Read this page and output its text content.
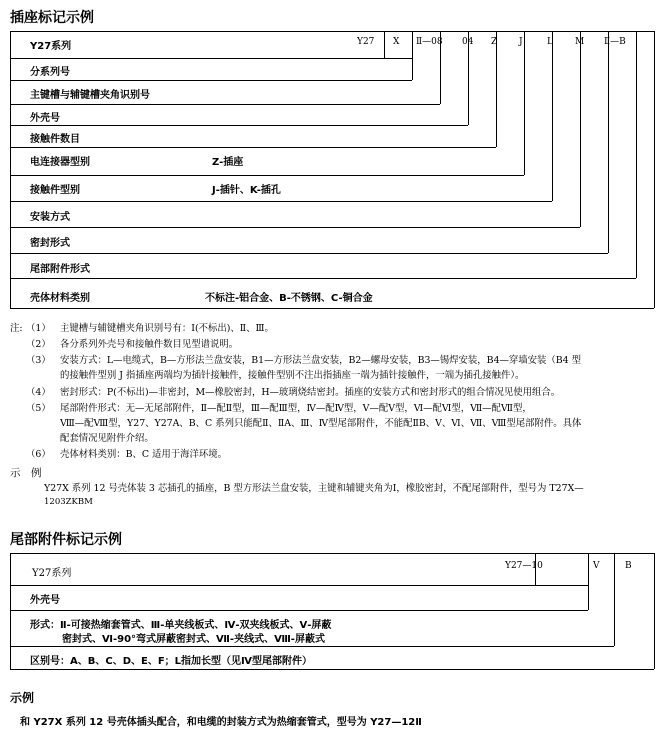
插座标记示例
Y27 X Ⅱ—08 04 Z J	L M Ⅱ—B
Y27系列
分系列号
主键槽与辅键槽夹角识别号
外壳号
接触件数目
电连接器型别	Z-插座
接触件型别	J-插针、K-插孔
安装方式
密封形式
尾部附件形式
壳体材料类别	不标注-铝合金、B-不锈钢、C-铜合金
注: （1） 主键槽与辅键槽夹角识别号有：Ⅰ(不标出)、Ⅱ、Ⅲ。
（2） 各分系列外壳号和接触件数目见型谱说明。
（3） 安装方式：L—电缆式，B—方形法兰盘安装，B1—方形法兰盘安装，B2—螺母安装，B3—锡焊安装，B4—穿墙安装（B4 型
的接触件型别 J 指插座两端均为插针接触件，接触件型别不注出指插座一端为插针接触件，一端为插孔接触件）。
（4） 密封形式：P(不标出)—非密封，M—橡胶密封，H—玻璃烧结密封。插座的安装方式和密封形式的组合情况见使用组合。
（5） 尾部附件形式：无—无尾部附件，Ⅱ—配Ⅱ型，Ⅲ—配Ⅲ型，Ⅳ—配Ⅳ型，Ⅴ—配Ⅴ型，Ⅵ—配Ⅵ型，Ⅶ—配Ⅶ型，
Ⅷ—配Ⅷ型，Y27、Y27A、B、C 系列只能配Ⅱ、ⅡA、Ⅲ、Ⅳ型尾部附件，不能配ⅡB、Ⅴ、Ⅵ、Ⅶ、Ⅷ型尾部附件。具体
配套情况见附件介绍。
（6） 壳体材料类别：B、C 适用于海洋环境。
示　例
Y27X 系列 12 号壳体装 3 芯插孔的插座，B 型方形法兰盘安装，主键和辅键夹角为Ⅰ，橡胶密封，不配尾部附件，型号为 T27X—
1203ZKBM
尾部附件标记示例
Y27—10	V	B
Y27系列
外壳号
形式：Ⅱ-可接热缩套管式、Ⅲ-单夹线板式、Ⅳ-双夹线板式、Ⅴ-屏蔽
密封式、Ⅵ-90°弯式屏蔽密封式、Ⅶ-夹线式、Ⅷ-屏蔽式
区别号：A、B、C、D、E、F；L指加长型（见Ⅳ型尾部附件）
示例
和 Y27X 系列 12 号壳体插头配合，和电缆的封装方式为热缩套管式，型号为 Y27—12Ⅱ
